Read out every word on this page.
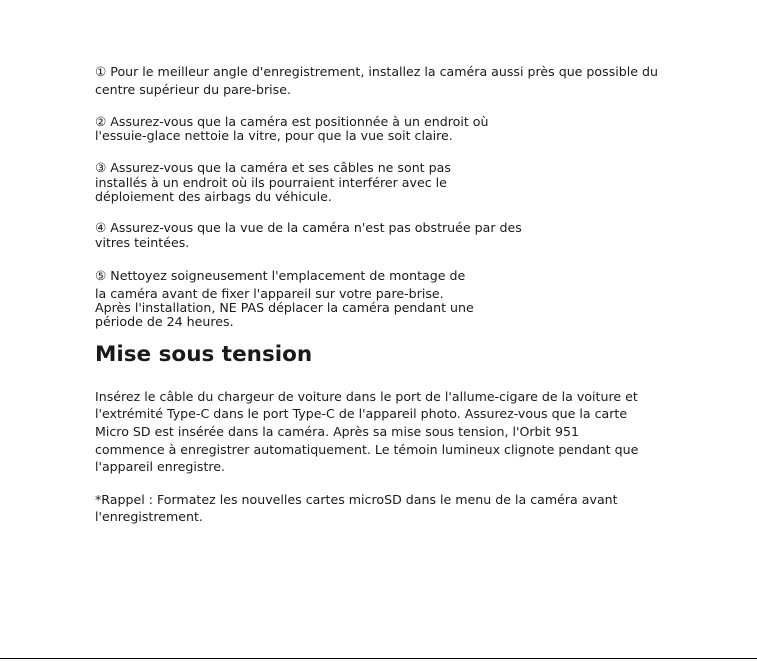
① Pour le meilleur angle d'enregistrement, installez la caméra aussi près que possible du
centre supérieur du pare-brise.
② Assurez-vous que la caméra est positionnée à un endroit où
l'essuie-glace nettoie la vitre, pour que la vue soit claire.
③ Assurez-vous que la caméra et ses câbles ne sont pas
installés à un endroit où ils pourraient interférer avec le
déploiement des airbags du véhicule.
④ Assurez-vous que la vue de la caméra n'est pas obstruée par des
vitres teintées.
⑤ Nettoyez soigneusement l'emplacement de montage de
la caméra avant de fixer l'appareil sur votre pare-brise.
Après l'installation, NE PAS déplacer la caméra pendant une
période de 24 heures.
Mise sous tension
Insérez le câble du chargeur de voiture dans le port de l'allume-cigare de la voiture et
l'extrémité Type-C dans le port Type-C de l'appareil photo. Assurez-vous que la carte
Micro SD est insérée dans la caméra. Après sa mise sous tension, l'Orbit 951
commence à enregistrer automatiquement. Le témoin lumineux clignote pendant que
l'appareil enregistre.
*Rappel : Formatez les nouvelles cartes microSD dans le menu de la caméra avant
l'enregistrement.
